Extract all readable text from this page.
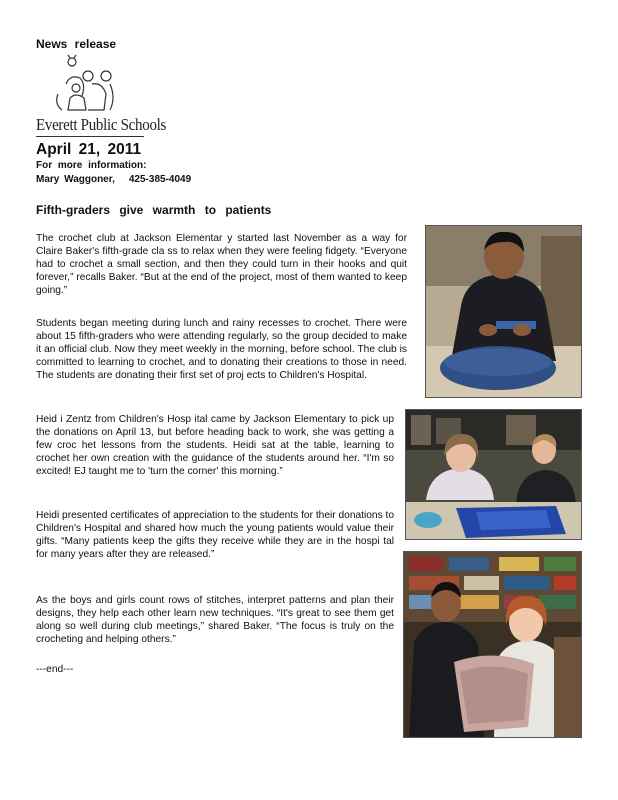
News release
Everett Public Schools
April 21, 2011
For more information:
Mary Waggoner, 425-385-4049
Fifth-graders give warmth to patients

The crochet club at Jackson Elementar y started last November as a way for Claire Baker's fifth-grade cla ss to relax when they were feeling fidgety. “Everyone had to crochet a small section, and then they could turn in their hooks and quit forever,” recalls Baker. “But at the end of the project, most of them wanted to keep going.”

Students began meeting during lunch and rainy recesses to crochet. There were about 15 fifth-graders who were attending regularly, so the group decided to make it an official club. Now they meet weekly in the morning, before school. The club is committed to learning to crochet, and to donating their creations to those in need. The students are donating their first set of proj ects to Children's Hospital.

Heid i Zentz from Children's Hosp ital came by Jackson Elementary to pick up the donations on April 13, but before heading back to work, she was getting a few croc het lessons from the students. Heidi sat at the table, learning to crochet her own creation with the guidance of the students around her. “I'm so excited! EJ taught me to 'turn the corner' this morning.”

Heidi presented certificates of appreciation to the students for their donations to Children's Hospital and shared how much the young patients would value their gifts. “Many patients keep the gifts they receive while they are in the hospi tal for many years after they are released.”

As the boys and girls count rows of stitches, interpret patterns and plan their designs, they help each other learn new techniques. “It's great to see them get along so well during club meetings,” shared Baker. “The focus is truly on the crocheting and helping others.”

---end---
